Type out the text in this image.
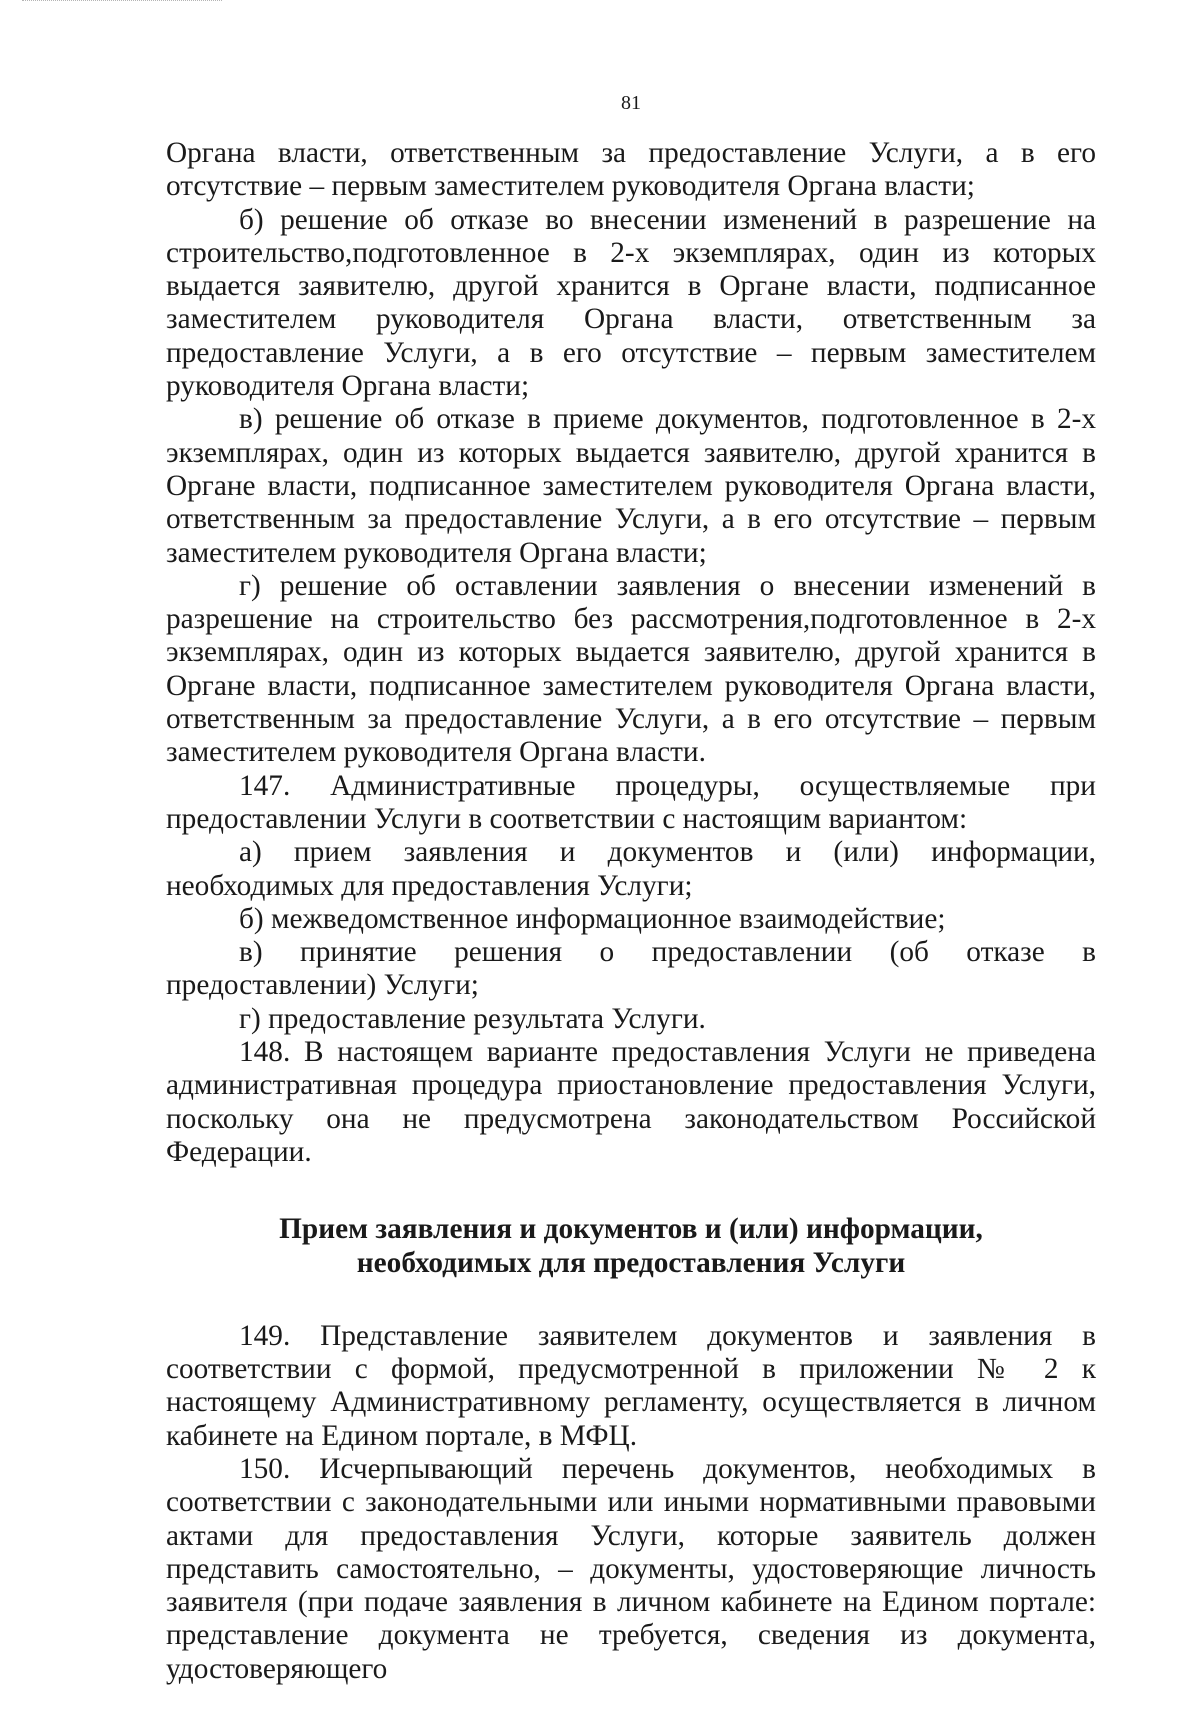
81

Органа власти, ответственным за предоставление Услуги, а в его отсутствие – первым заместителем руководителя Органа власти;

б) решение об отказе во внесении изменений в разрешение на строительство,подготовленное в 2-х экземплярах, один из которых выдается заявителю, другой хранится в Органе власти, подписанное заместителем руководителя Органа власти, ответственным за предоставление Услуги, а в его отсутствие – первым заместителем руководителя Органа власти;

в) решение об отказе в приеме документов, подготовленное в 2-х экземплярах, один из которых выдается заявителю, другой хранится в Органе власти, подписанное заместителем руководителя Органа власти, ответственным за предоставление Услуги, а в его отсутствие – первым заместителем руководителя Органа власти;

г) решение об оставлении заявления о внесении изменений в разрешение на строительство без рассмотрения,подготовленное в 2-х экземплярах, один из которых выдается заявителю, другой хранится в Органе власти, подписанное заместителем руководителя Органа власти, ответственным за предоставление Услуги, а в его отсутствие – первым заместителем руководителя Органа власти.

147. Административные процедуры, осуществляемые при предоставлении Услуги в соответствии с настоящим вариантом:

а) прием заявления и документов и (или) информации, необходимых для предоставления Услуги;

б) межведомственное информационное взаимодействие;

в) принятие решения о предоставлении (об отказе в предоставлении) Услуги;

г) предоставление результата Услуги.

148. В настоящем варианте предоставления Услуги не приведена административная процедура приостановление предоставления Услуги, поскольку она не предусмотрена законодательством Российской Федерации.

Прием заявления и документов и (или) информации,
необходимых для предоставления Услуги

149. Представление заявителем документов и заявления в соответствии с формой, предусмотренной в приложении № 2 к настоящему Административному регламенту, осуществляется в личном кабинете на Едином портале, в МФЦ.

150. Исчерпывающий перечень документов, необходимых в соответствии с законодательными или иными нормативными правовыми актами для предоставления Услуги, которые заявитель должен представить самостоятельно, – документы, удостоверяющие личность заявителя (при подаче заявления в личном кабинете на Едином портале: представление документа не требуется, сведения из документа, удостоверяющего
